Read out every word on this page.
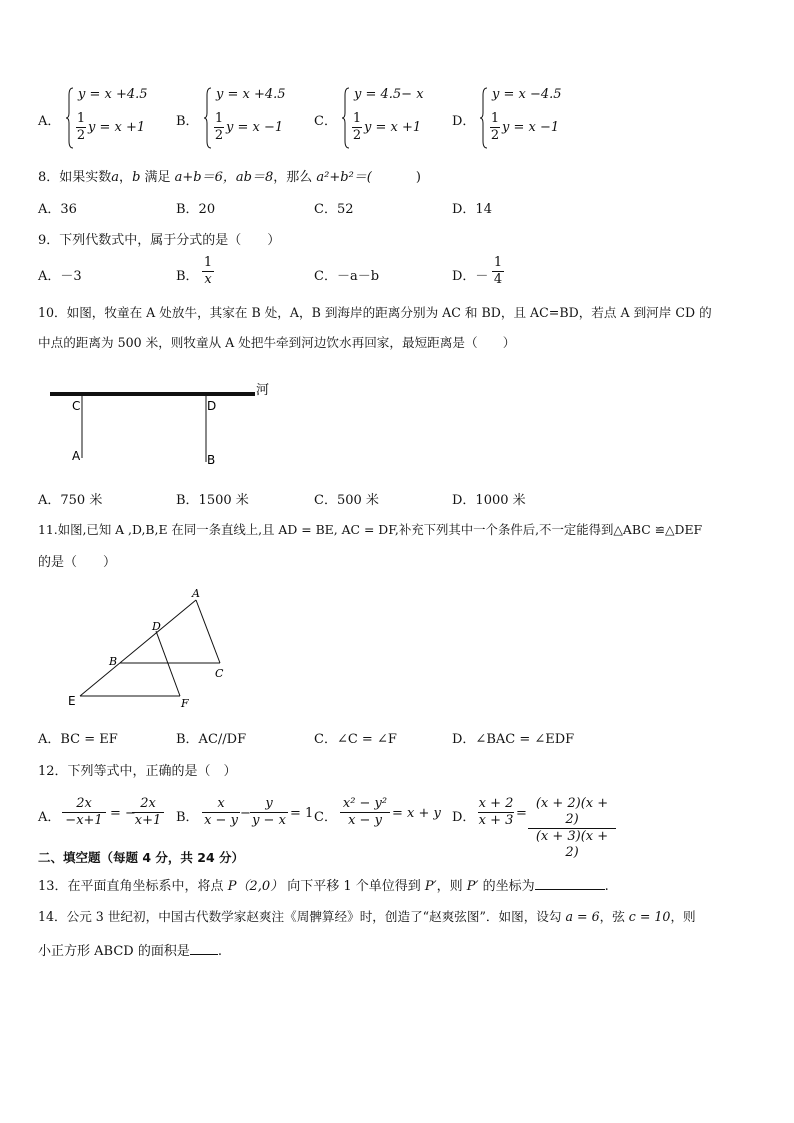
A．
y = x +4.5
1
2
y = x +1 B．
y = x +4.5
1
2
y = x −1 C．
y = 4.5− x
1
2
y = x +1 D．
y = x −4.5
1
2
y = x −1
8．如果实数a，b 满足 a+b＝6，ab＝8，那么 a²+b²＝(	)
A．36	B．20	C．52	D．14
9．下列代数式中，属于分式的是（　　）
A．－3	B．
1
x	C．－a－b	D．－
1
4
10．如图，牧童在 A 处放牛，其家在 B 处，A，B 到海岸的距离分别为 AC 和 BD，且 AC=BD，若点 A 到河岸 CD 的
中点的距离为 500 米，则牧童从 A 处把牛牵到河边饮水再回家，最短距离是（　　）
河
C	D
A	B
A．750 米	B．1500 米	C．500 米	D．1000 米
11.如图,已知 A ,D,B,E 在同一条直线上,且 AD = BE, AC = DF,补充下列其中一个条件后,不一定能得到△ABC ≌△DEF
的是（　　）
A
D
B
C
E	F
A．BC = EF	B．AC//DF	C．∠C = ∠F	D．∠BAC = ∠EDF
12．下列等式中，正确的是（　）
A．
2x
−x+1 = −
2x
x+1 B．
x
x − y −
y
y − x = 1 C．
x² − y²
x − y = x + y D．
x + 2
x + 3 =
(x + 2)(x + 2)
(x + 3)(x + 2)
二、填空题（每题 4 分，共 24 分）
13．在平面直角坐标系中，将点 P（2,0） 向下平移 1 个单位得到 P′，则 P′ 的坐标为	.
14．公元 3 世纪初，中国古代数学家赵爽注《周髀算经》时，创造了“赵爽弦图”．如图，设勾 a = 6，弦 c = 10，则
小正方形 ABCD 的面积是 .
